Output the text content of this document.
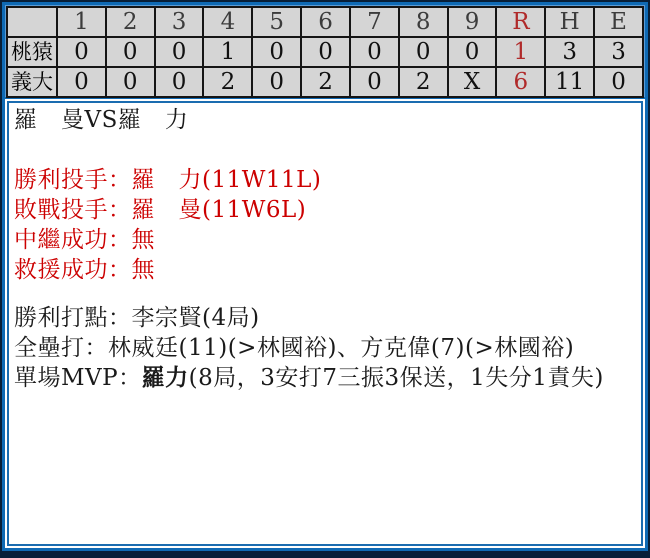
	1	2	3	4	5	6	7	8	9	R	H	E
桃猿	0	0	0	1	0	0	0	0	0	1	3	3
義大	0	0	0	2	0	2	0	2	X	6	11	0
羅　曼VS羅　力
勝利投手：羅　力(11W11L)
敗戰投手：羅　曼(11W6L)
中繼成功：無
救援成功：無
勝利打點：李宗賢(4局)
全壘打：林威廷(11)(>林國裕)、方克偉(7)(>林國裕)
單場MVP：羅力(8局，3安打7三振3保送，1失分1責失)
